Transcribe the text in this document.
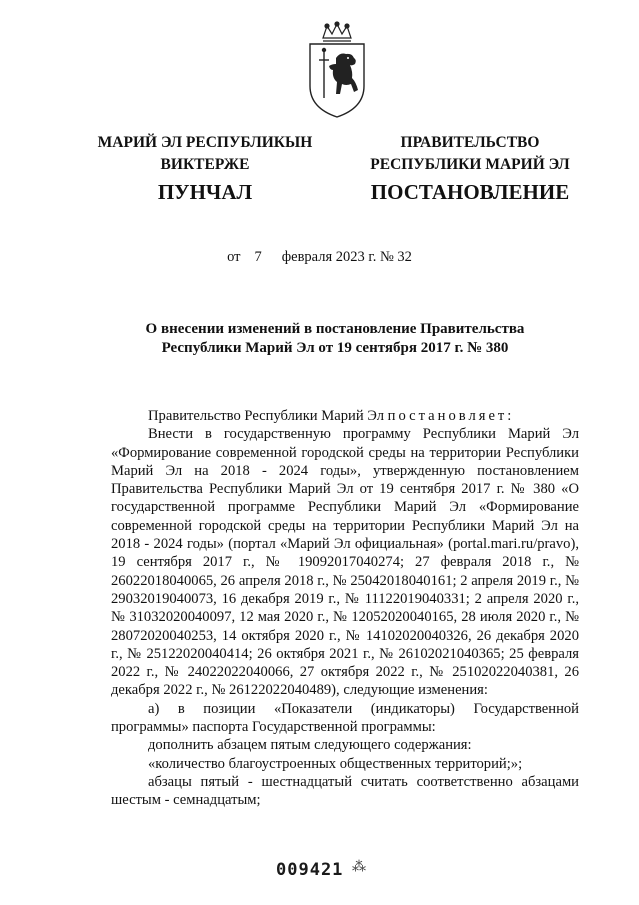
МАРИЙ ЭЛ РЕСПУБЛИКЫН
ВИКТЕРЖЕ
ПРАВИТЕЛЬСТВО
РЕСПУБЛИКИ МАРИЙ ЭЛ
ПУНЧАЛ	ПОСТАНОВЛЕНИЕ
от 7 февраля 2023 г. № 32
О внесении изменений в постановление Правительства
Республики Марий Эл от 19 сентября 2017 г. № 380

Правительство Республики Марий Эл постановляет:

Внести в государственную программу Республики Марий Эл «Формирование современной городской среды на территории Республики Марий Эл на 2018 - 2024 годы», утвержденную постановлением Правительства Республики Марий Эл от 19 сентября 2017 г. № 380 «О государственной программе Республики Марий Эл «Формирование современной городской среды на территории Республики Марий Эл на 2018 - 2024 годы» (портал «Марий Эл официальная» (portal.mari.ru/pravo), 19 сентября 2017 г., № 19092017040274; 27 февраля 2018 г., № 26022018040065, 26 апреля 2018 г., № 25042018040161; 2 апреля 2019 г., № 29032019040073, 16 декабря 2019 г., № 11122019040331; 2 апреля 2020 г., № 31032020040097, 12 мая 2020 г., № 12052020040165, 28 июля 2020 г., № 28072020040253, 14 октября 2020 г., № 14102020040326, 26 декабря 2020 г., № 25122020040414; 26 октября 2021 г., № 26102021040365; 25 февраля 2022 г., № 24022022040066, 27 октября 2022 г., № 25102022040381, 26 декабря 2022 г., № 26122022040489), следующие изменения:

а) в позиции «Показатели (индикаторы) Государственной программы» паспорта Государственной программы:

дополнить абзацем пятым следующего содержания:

«количество благоустроенных общественных территорий;»;

абзацы пятый - шестнадцатый считать соответственно абзацами шестым - семнадцатым;

009421 ⁂
